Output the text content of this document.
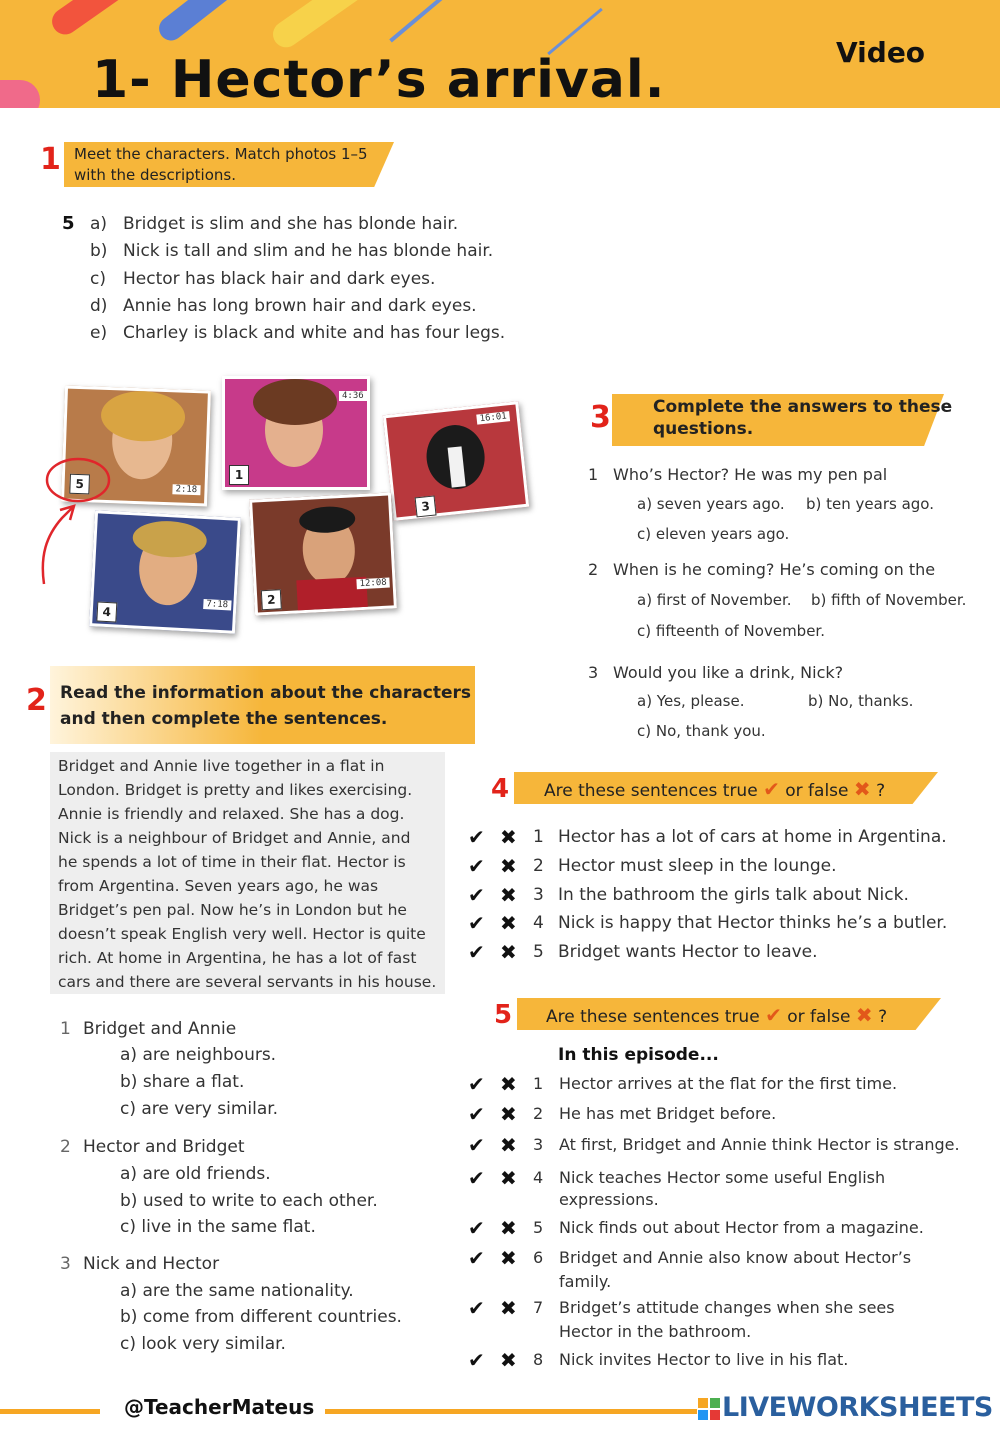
1- Hector’s arrival.	Video
1 Meet the characters. Match photos 1–5
with the descriptions.
5 a) Bridget is slim and she has blonde hair.
b) Nick is tall and slim and he has blonde hair.
c) Hector has black hair and dark eyes.
d) Annie has long brown hair and dark eyes.
e) Charley is black and white and has four legs.
5	2:18
1
4:36
3
16:01
4
7:18	2
12:08
2 Read the information about the characters
and then complete the sentences.
Bridget and Annie live together in a flat in
London. Bridget is pretty and likes exercising.
Annie is friendly and relaxed. She has a dog.
Nick is a neighbour of Bridget and Annie, and
he spends a lot of time in their flat. Hector is
from Argentina. Seven years ago, he was
Bridget’s pen pal. Now he’s in London but he
doesn’t speak English very well. Hector is quite
rich. At home in Argentina, he has a lot of fast
cars and there are several servants in his house.
1 Bridget and Annie
a) are neighbours.
b) share a flat.
c) are very similar.
2 Hector and Bridget
a) are old friends.
b) used to write to each other.
c) live in the same flat.
3 Nick and Hector
a) are the same nationality.
b) come from different countries.
c) look very similar.
3 Complete the answers to these
questions.
1 Who’s Hector? He was my pen pal
a) seven years ago. b) ten years ago.
c) eleven years ago.
2 When is he coming? He’s coming on the
a) first of November. b) fifth of November.
c) fifteenth of November.
3 Would you like a drink, Nick?
a) Yes, please.	b) No, thanks.
c) No, thank you.
4 Are these sentences true ✔ or false ✖ ?
✔ ✖ 1 Hector has a lot of cars at home in Argentina.
✔ ✖ 2 Hector must sleep in the lounge.
✔ ✖ 3 In the bathroom the girls talk about Nick.
✔ ✖ 4 Nick is happy that Hector thinks he’s a butler.
✔ ✖ 5 Bridget wants Hector to leave.
5 Are these sentences true ✔ or false ✖ ?
In this episode...
✔ ✖ 1 Hector arrives at the flat for the first time.
✔ ✖ 2 He has met Bridget before.
✔ ✖ 3 At first, Bridget and Annie think Hector is strange.
✔ ✖ 4 Nick teaches Hector some useful English
expressions.
✔ ✖ 5 Nick finds out about Hector from a magazine.
✔ ✖ 6 Bridget and Annie also know about Hector’s
family.
✔ ✖ 7 Bridget’s attitude changes when she sees
Hector in the bathroom.
✔ ✖ 8 Nick invites Hector to live in his flat.
@TeacherMateus	LIVEWORKSHEETS
